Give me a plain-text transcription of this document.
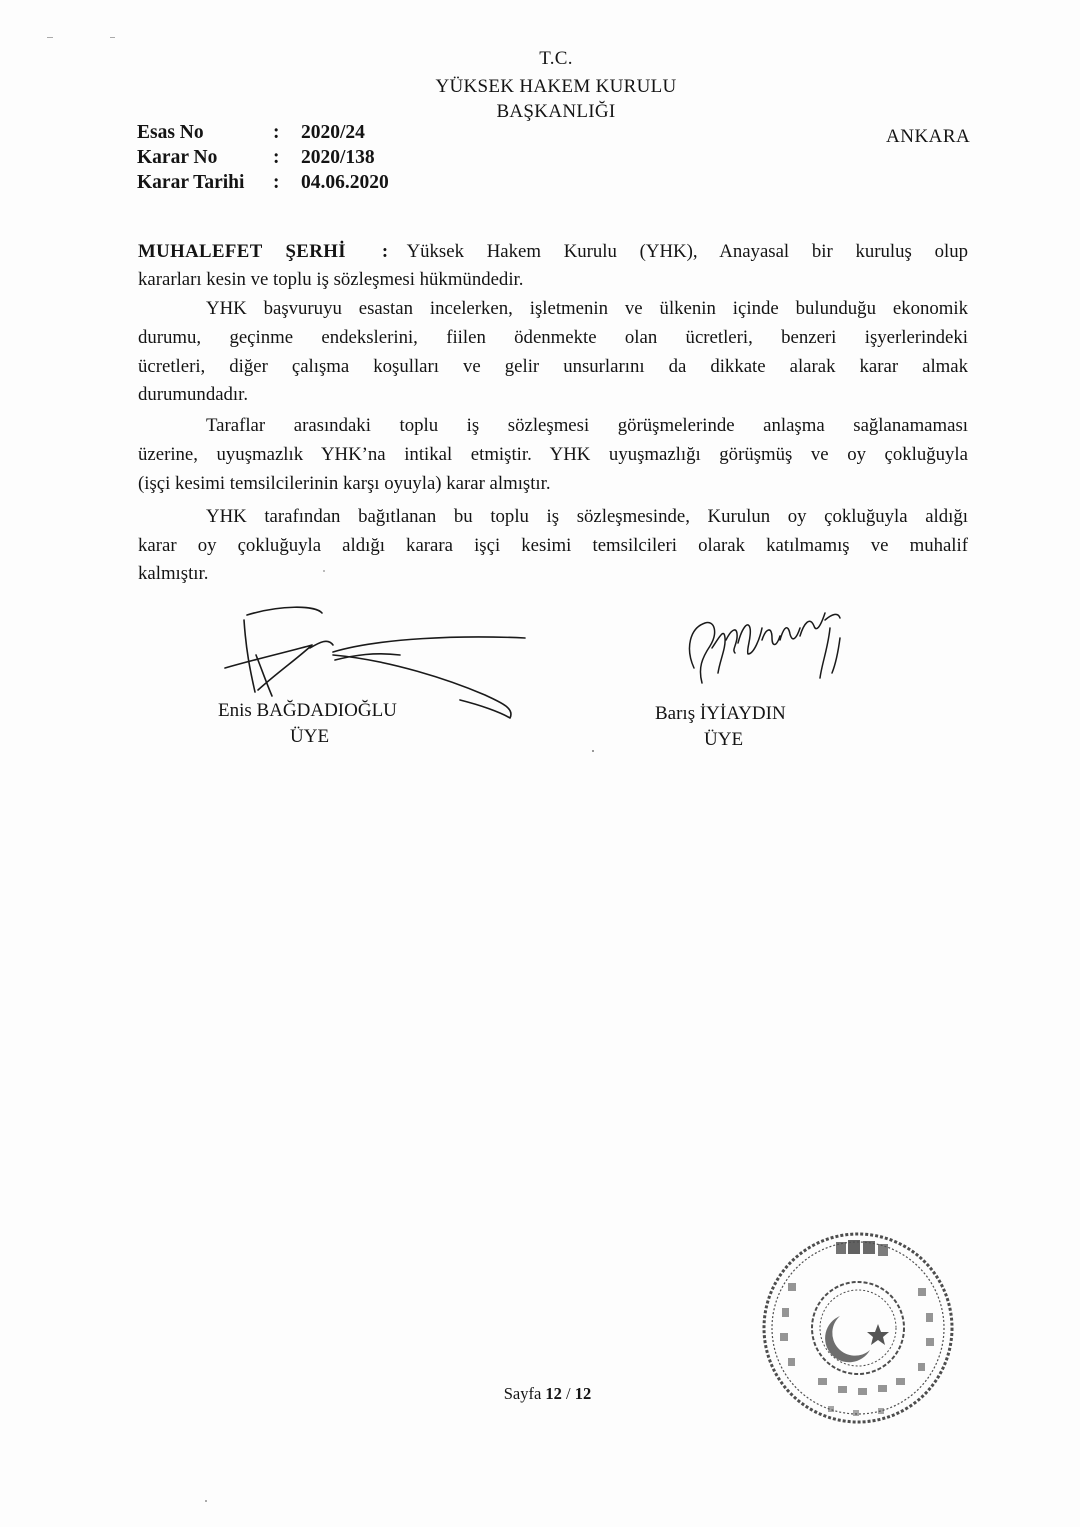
T.C.
YÜKSEK HAKEM KURULU
BAŞKANLIĞI
Esas No	: 2020/24
Karar No	: 2020/138
Karar Tarihi : 04.06.2020
ANKARA
MUHALEFET ŞERHİ : Yüksek Hakem Kurulu (YHK), Anayasal bir kuruluş olup
kararları kesin ve toplu iş sözleşmesi hükmündedir.
YHK başvuruyu esastan incelerken, işletmenin ve ülkenin içinde bulunduğu ekonomik
durumu, geçinme endekslerini, fiilen ödenmekte olan ücretleri, benzeri işyerlerindeki
ücretleri, diğer çalışma koşulları ve gelir unsurlarını da dikkate alarak karar almak
durumundadır.
Taraflar arasındaki toplu iş sözleşmesi görüşmelerinde anlaşma sağlanamaması
üzerine, uyuşmazlık YHK’na intikal etmiştir. YHK uyuşmazlığı görüşmüş ve oy çokluğuyla
(işçi kesimi temsilcilerinin karşı oyuyla) karar almıştır.
YHK tarafından bağıtlanan bu toplu iş sözleşmesinde, Kurulun oy çokluğuyla aldığı
karar oy çokluğuyla aldığı karara işçi kesimi temsilcileri olarak katılmamış ve muhalif
kalmıştır.
Enis BAĞDADIOĞLU
ÜYE
Barış İYİAYDIN
ÜYE
Sayfa 12 / 12
